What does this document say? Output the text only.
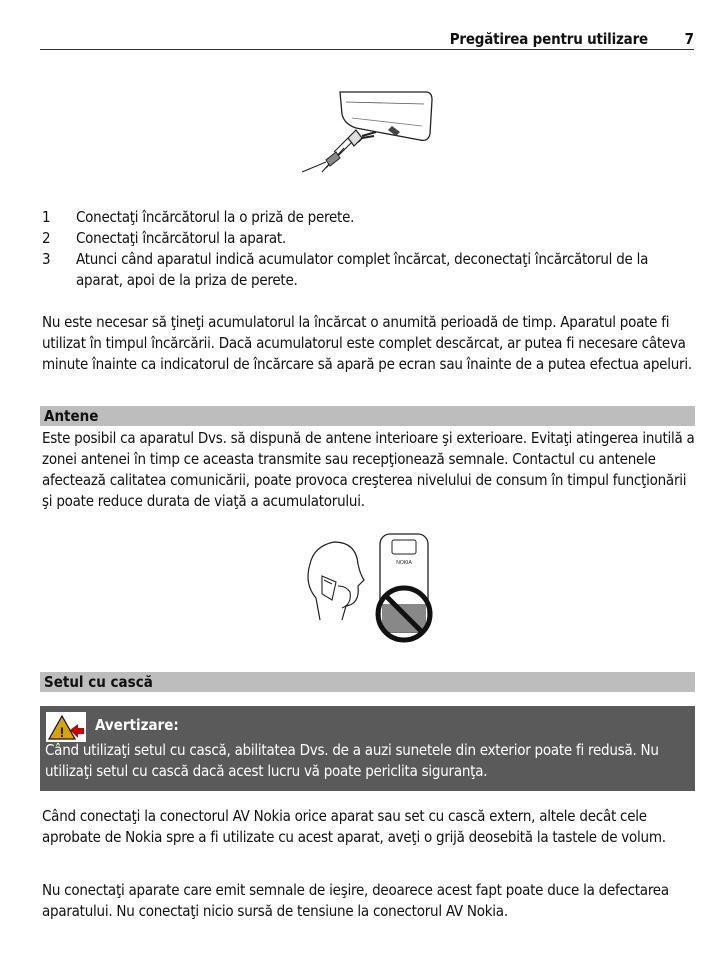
Pregătirea pentru utilizare 7
1 Conectaţi încărcătorul la o priză de perete.
2 Conectaţi încărcătorul la aparat.
3 Atunci când aparatul indică acumulator complet încărcat, deconectaţi încărcătorul de la aparat, apoi de la priza de perete.

Nu este necesar să ţineţi acumulatorul la încărcat o anumită perioadă de timp. Aparatul poate fi utilizat în timpul încărcării. Dacă acumulatorul este complet descărcat, ar putea fi necesare câteva minute înainte ca indicatorul de încărcare să apară pe ecran sau înainte de a putea efectua apeluri.

Antene

Este posibil ca aparatul Dvs. să dispună de antene interioare şi exterioare. Evitaţi atingerea inutilă a zonei antenei în timp ce aceasta transmite sau recepţionează semnale. Contactul cu antenele afectează calitatea comunicării, poate provoca creşterea nivelului de consum în timpul funcţionării şi poate reduce durata de viaţă a acumulatorului.

NOKIA
Setul cu cască
! Avertizare:

Când utilizaţi setul cu cască, abilitatea Dvs. de a auzi sunetele din exterior poate fi redusă. Nu utilizaţi setul cu cască dacă acest lucru vă poate periclita siguranţa.

Când conectaţi la conectorul AV Nokia orice aparat sau set cu cască extern, altele decât cele aprobate de Nokia spre a fi utilizate cu acest aparat, aveţi o grijă deosebită la tastele de volum.

Nu conectaţi aparate care emit semnale de ieşire, deoarece acest fapt poate duce la defectarea aparatului. Nu conectaţi nicio sursă de tensiune la conectorul AV Nokia.
